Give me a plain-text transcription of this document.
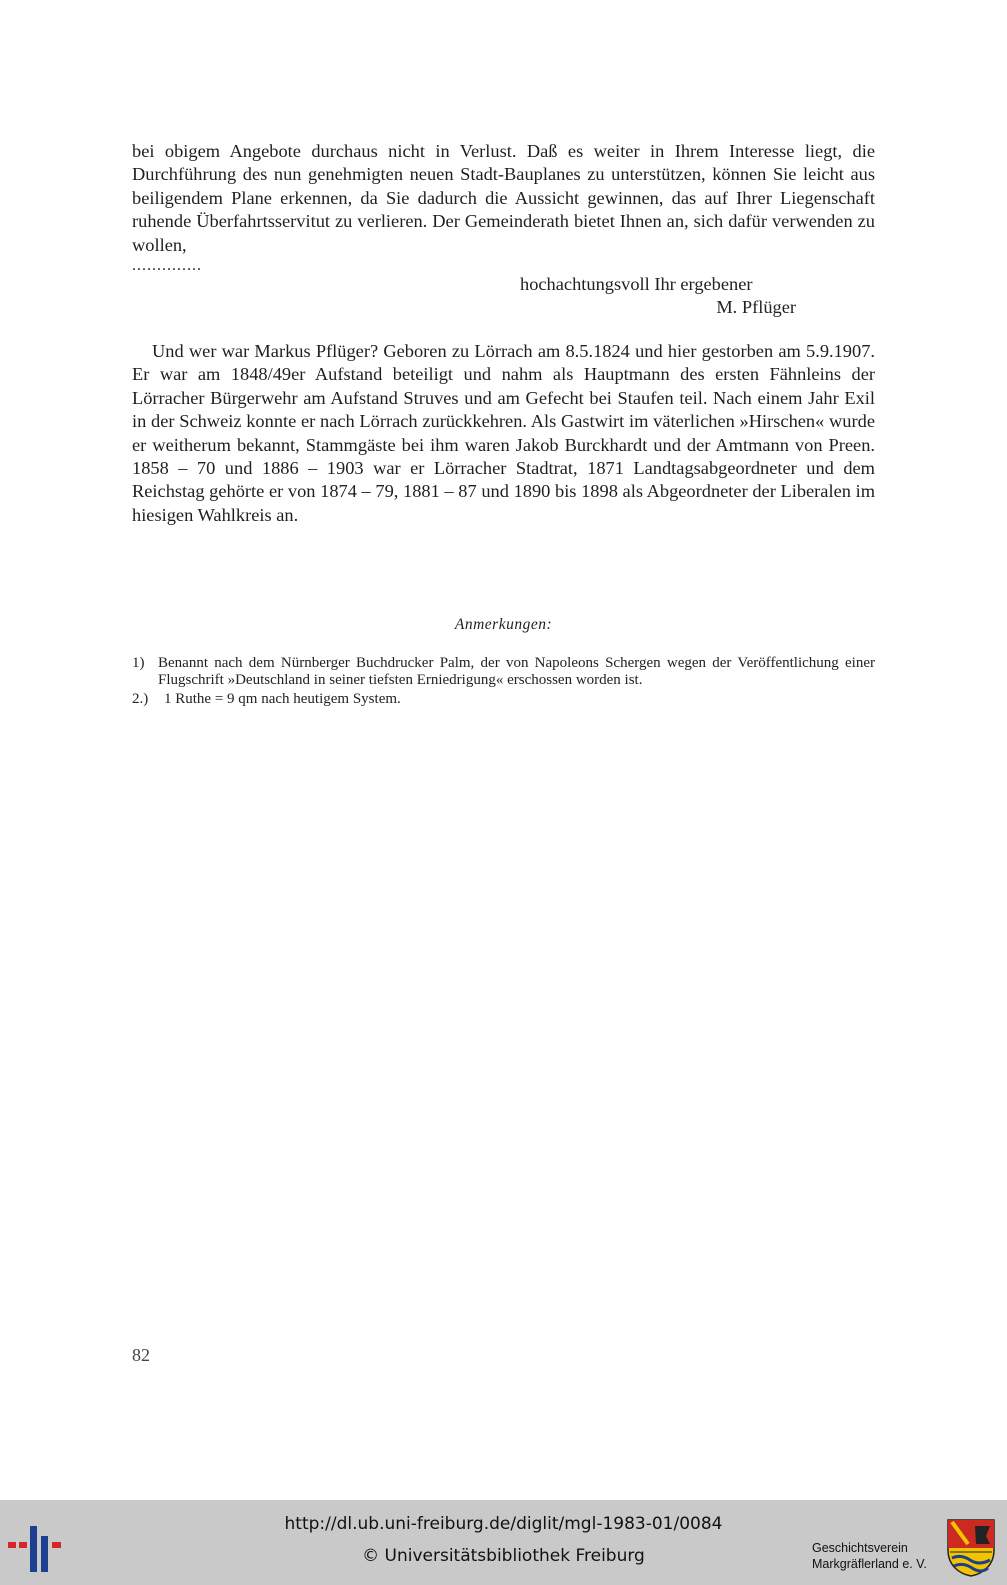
bei obigem Angebote durchaus nicht in Verlust. Daß es weiter in Ihrem Interesse liegt, die Durchführung des nun genehmigten neuen Stadt-Bauplanes zu unterstützen, können Sie leicht aus beiligendem Plane erkennen, da Sie dadurch die Aussicht gewinnen, das auf Ihrer Liegenschaft ruhende Überfahrtsservitut zu verlieren. Der Gemeinderath bietet Ihnen an, sich dafür verwenden zu wollen,

..............
hochachtungsvoll Ihr ergebener
M. Pflüger

Und wer war Markus Pflüger? Geboren zu Lörrach am 8.5.1824 und hier gestorben am 5.9.1907. Er war am 1848/49er Aufstand beteiligt und nahm als Hauptmann des ersten Fähnleins der Lörracher Bürgerwehr am Aufstand Struves und am Gefecht bei Staufen teil. Nach einem Jahr Exil in der Schweiz konnte er nach Lörrach zurückkehren. Als Gastwirt im väterlichen »Hirschen« wurde er weitherum bekannt, Stammgäste bei ihm waren Jakob Burckhardt und der Amtmann von Preen. 1858 – 70 und 1886 – 1903 war er Lörracher Stadtrat, 1871 Landtagsabgeordneter und dem Reichstag gehörte er von 1874 – 79, 1881 – 87 und 1890 bis 1898 als Abgeordneter der Liberalen im hiesigen Wahlkreis an.

Anmerkungen:
1) Benannt nach dem Nürnberger Buchdrucker Palm, der von Napoleons Schergen wegen der Veröffentlichung einer Flugschrift »Deutschland in seiner tiefsten Erniedrigung« erschossen worden ist.
2.)	1 Ruthe = 9 qm nach heutigem System.
82
http://dl.ub.uni-freiburg.de/diglit/mgl-1983-01/0084
© Universitätsbibliothek Freiburg	Geschichtsverein
Markgräflerland e. V.
